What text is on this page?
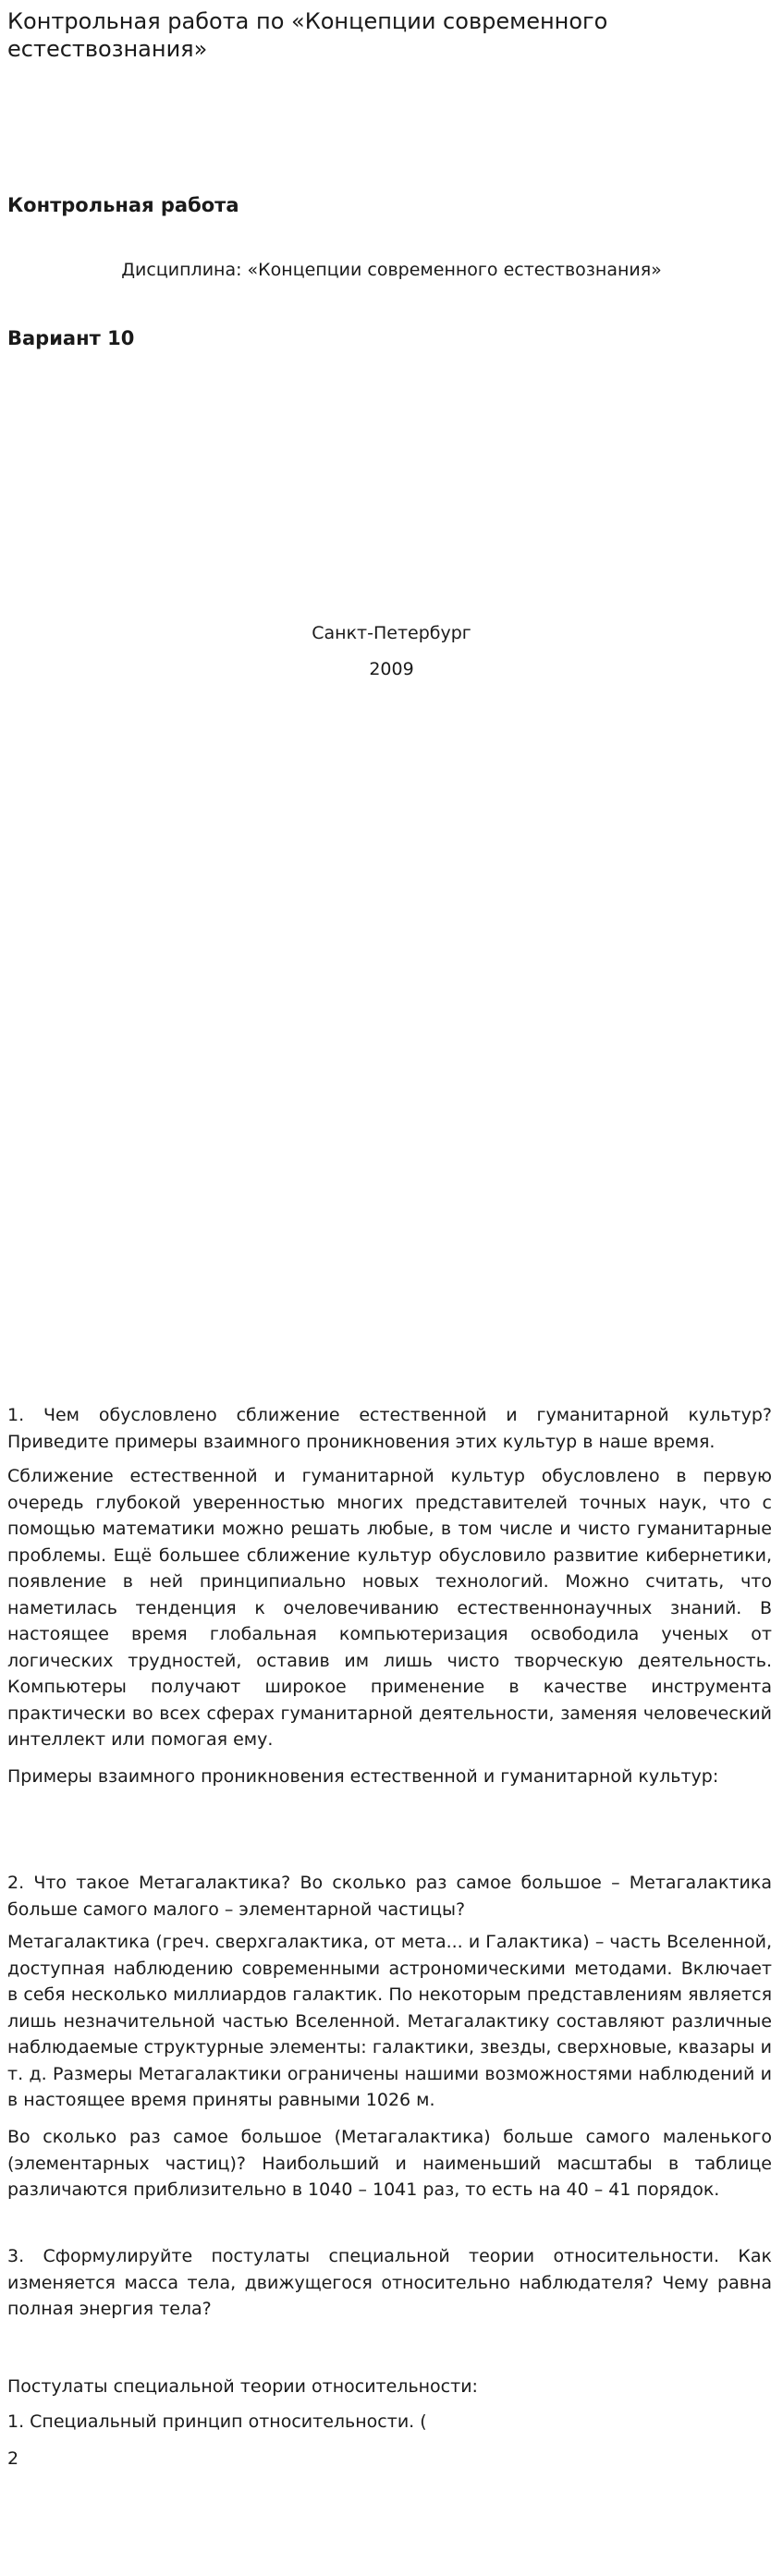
Контрольная работа по «Концепции современного естествознания»
Контрольная работа
Дисциплина: «Концепции современного естествознания»
Вариант 10
Санкт-Петербург
2009

1. Чем обусловлено сближение естественной и гуманитарной культур? Приведите примеры взаимного проникновения этих культур в наше время.

Сближение естественной и гуманитарной культур обусловлено в первую очередь глубокой уверенностью многих представителей точных наук, что с помощью математики можно решать любые, в том числе и чисто гуманитарные проблемы. Ещё большее сближение культур обусловило развитие кибернетики, появление в ней принципиально новых технологий. Можно считать, что наметилась тенденция к очеловечиванию естественнонаучных знаний. В настоящее время глобальная компьютеризация освободила ученых от логических трудностей, оставив им лишь чисто творческую деятельность. Компьютеры получают широкое применение в качестве инструмента практически во всех сферах гуманитарной деятельности, заменяя человеческий интеллект или помогая ему.

Примеры взаимного проникновения естественной и гуманитарной культур:

2. Что такое Метагалактика? Во сколько раз самое большое – Метагалактика больше самого малого – элементарной частицы?

Метагалактика (греч. сверхгалактика, от мета... и Галактика) – часть Вселенной, доступная наблюдению современными астрономическими методами. Включает в себя несколько миллиардов галактик. По некоторым представлениям является лишь незначительной частью Вселенной. Метагалактику составляют различные наблюдаемые структурные элементы: галактики, звезды, сверхновые, квазары и т. д. Размеры Метагалактики ограничены нашими возможностями наблюдений и в настоящее время приняты равными 1026 м.

Во сколько раз самое большое (Метагалактика) больше самого маленького (элементарных частиц)? Наибольший и наименьший масштабы в таблице различаются приблизительно в 1040 – 1041 раз, то есть на 40 – 41 порядок.

3. Сформулируйте постулаты специальной теории относительности. Как изменяется масса тела, движущегося относительно наблюдателя? Чему равна полная энергия тела?

Постулаты специальной теории относительности:
1. Специальный принцип относительности. (
2
